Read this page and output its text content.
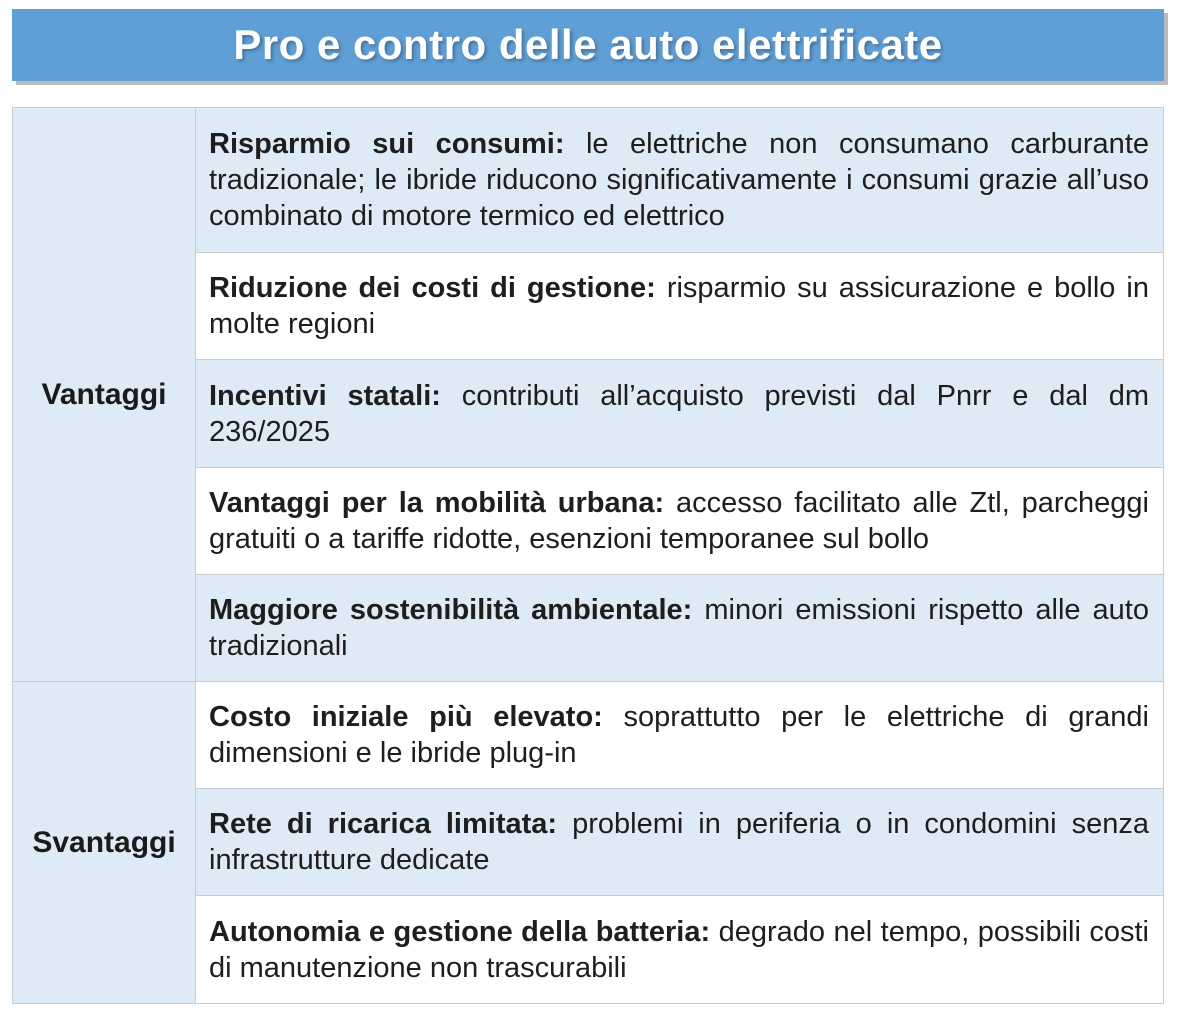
Pro e contro delle auto elettrificate
Vantaggi	Risparmio sui consumi: le elettriche non consumano carburante tradizionale; le ibride riducono significativamente i consumi grazie all’uso combinato di motore termico ed elettrico
	Riduzione dei costi di gestione: risparmio su assicurazione e bollo in molte regioni
	Incentivi statali: contributi all’acquisto previsti dal Pnrr e dal dm 236/2025
	Vantaggi per la mobilità urbana: accesso facilitato alle Ztl, parcheggi gratuiti o a tariffe ridotte, esenzioni temporanee sul bollo
	Maggiore sostenibilità ambientale: minori emissioni rispetto alle auto tradizionali
Svantaggi	Costo iniziale più elevato: soprattutto per le elettriche di grandi dimensioni e le ibride plug-in
	Rete di ricarica limitata: problemi in periferia o in condomini senza infrastrutture dedicate
	Autonomia e gestione della batteria: degrado nel tempo, possibili costi di manutenzione non trascurabili
